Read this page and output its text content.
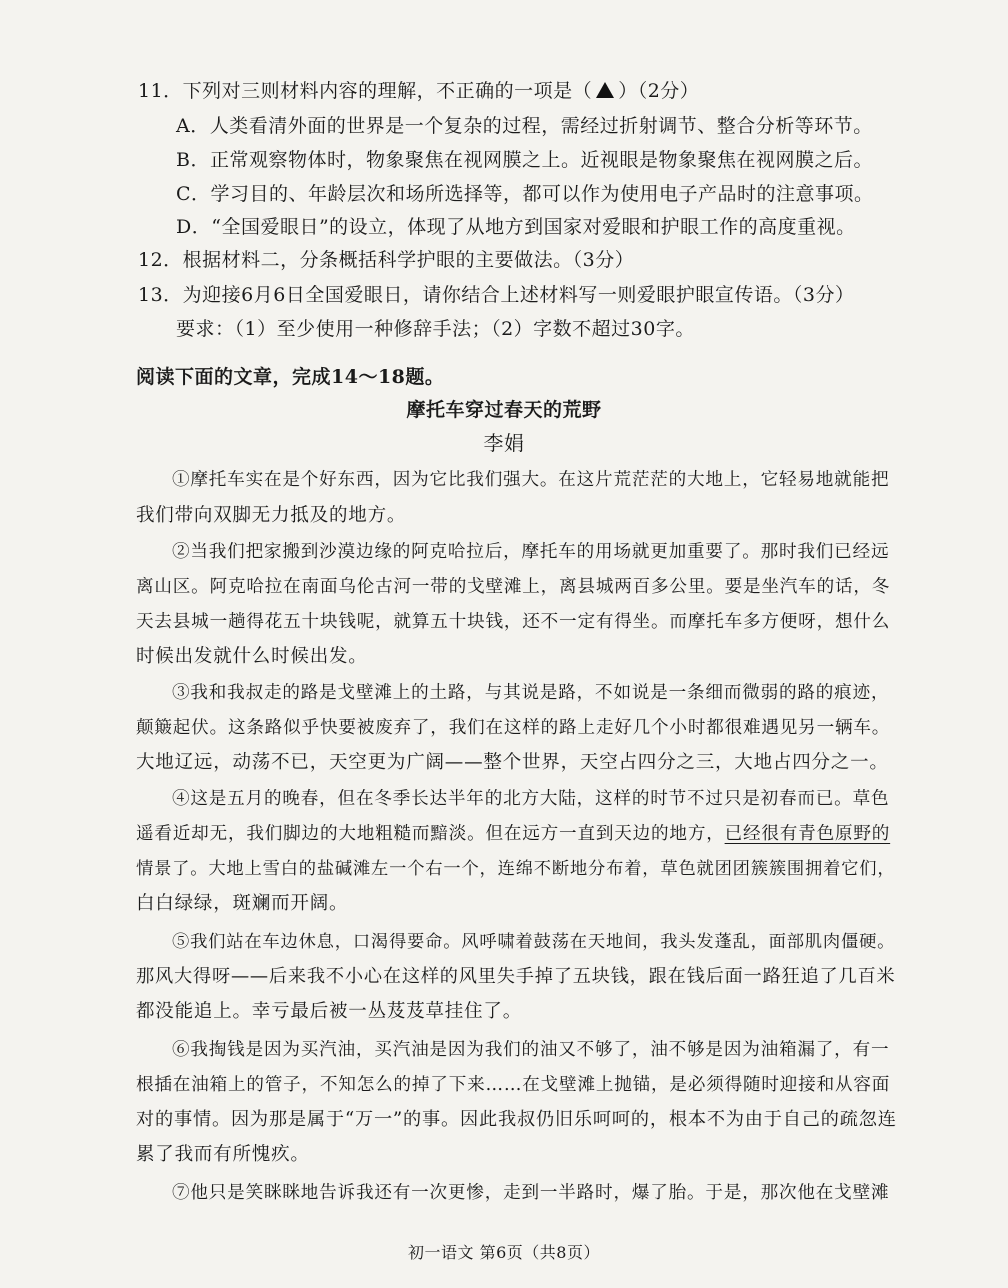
11．下列对三则材料内容的理解，不正确的一项是（ ）（2分）
A．人类看清外面的世界是一个复杂的过程，需经过折射调节、整合分析等环节。
B．正常观察物体时，物象聚焦在视网膜之上。近视眼是物象聚焦在视网膜之后。
C．学习目的、年龄层次和场所选择等，都可以作为使用电子产品时的注意事项。
D．“全国爱眼日”的设立，体现了从地方到国家对爱眼和护眼工作的高度重视。
12．根据材料二，分条概括科学护眼的主要做法。（3分）
13．为迎接6月6日全国爱眼日，请你结合上述材料写一则爱眼护眼宣传语。（3分）
要求：（1）至少使用一种修辞手法；（2）字数不超过30字。
阅读下面的文章，完成14～18题。
摩托车穿过春天的荒野
李娟
①摩托车实在是个好东西，因为它比我们强大。在这片荒茫茫的大地上，它轻易地就能把
我们带向双脚无力抵及的地方。
②当我们把家搬到沙漠边缘的阿克哈拉后，摩托车的用场就更加重要了。那时我们已经远
离山区。阿克哈拉在南面乌伦古河一带的戈壁滩上，离县城两百多公里。要是坐汽车的话，冬
天去县城一趟得花五十块钱呢，就算五十块钱，还不一定有得坐。而摩托车多方便呀，想什么
时候出发就什么时候出发。
③我和我叔走的路是戈壁滩上的土路，与其说是路，不如说是一条细而微弱的路的痕迹，
颠簸起伏。这条路似乎快要被废弃了，我们在这样的路上走好几个小时都很难遇见另一辆车。
大地辽远，动荡不已，天空更为广阔——整个世界，天空占四分之三，大地占四分之一。
④这是五月的晚春，但在冬季长达半年的北方大陆，这样的时节不过只是初春而已。草色
遥看近却无，我们脚边的大地粗糙而黯淡。但在远方一直到天边的地方，已经很有青色原野的
情景了。大地上雪白的盐碱滩左一个右一个，连绵不断地分布着，草色就团团簇簇围拥着它们，
白白绿绿，斑斓而开阔。
⑤我们站在车边休息，口渴得要命。风呼啸着鼓荡在天地间，我头发蓬乱，面部肌肉僵硬。
那风大得呀——后来我不小心在这样的风里失手掉了五块钱，跟在钱后面一路狂追了几百米
都没能追上。幸亏最后被一丛芨芨草挂住了。
⑥我掏钱是因为买汽油，买汽油是因为我们的油又不够了，油不够是因为油箱漏了，有一
根插在油箱上的管子，不知怎么的掉了下来……在戈壁滩上抛锚，是必须得随时迎接和从容面
对的事情。因为那是属于“万一”的事。因此我叔仍旧乐呵呵的，根本不为由于自己的疏忽连
累了我而有所愧疚。
⑦他只是笑眯眯地告诉我还有一次更惨，走到一半路时，爆了胎。于是，那次他在戈壁滩
初一语文 第6页（共8页）
